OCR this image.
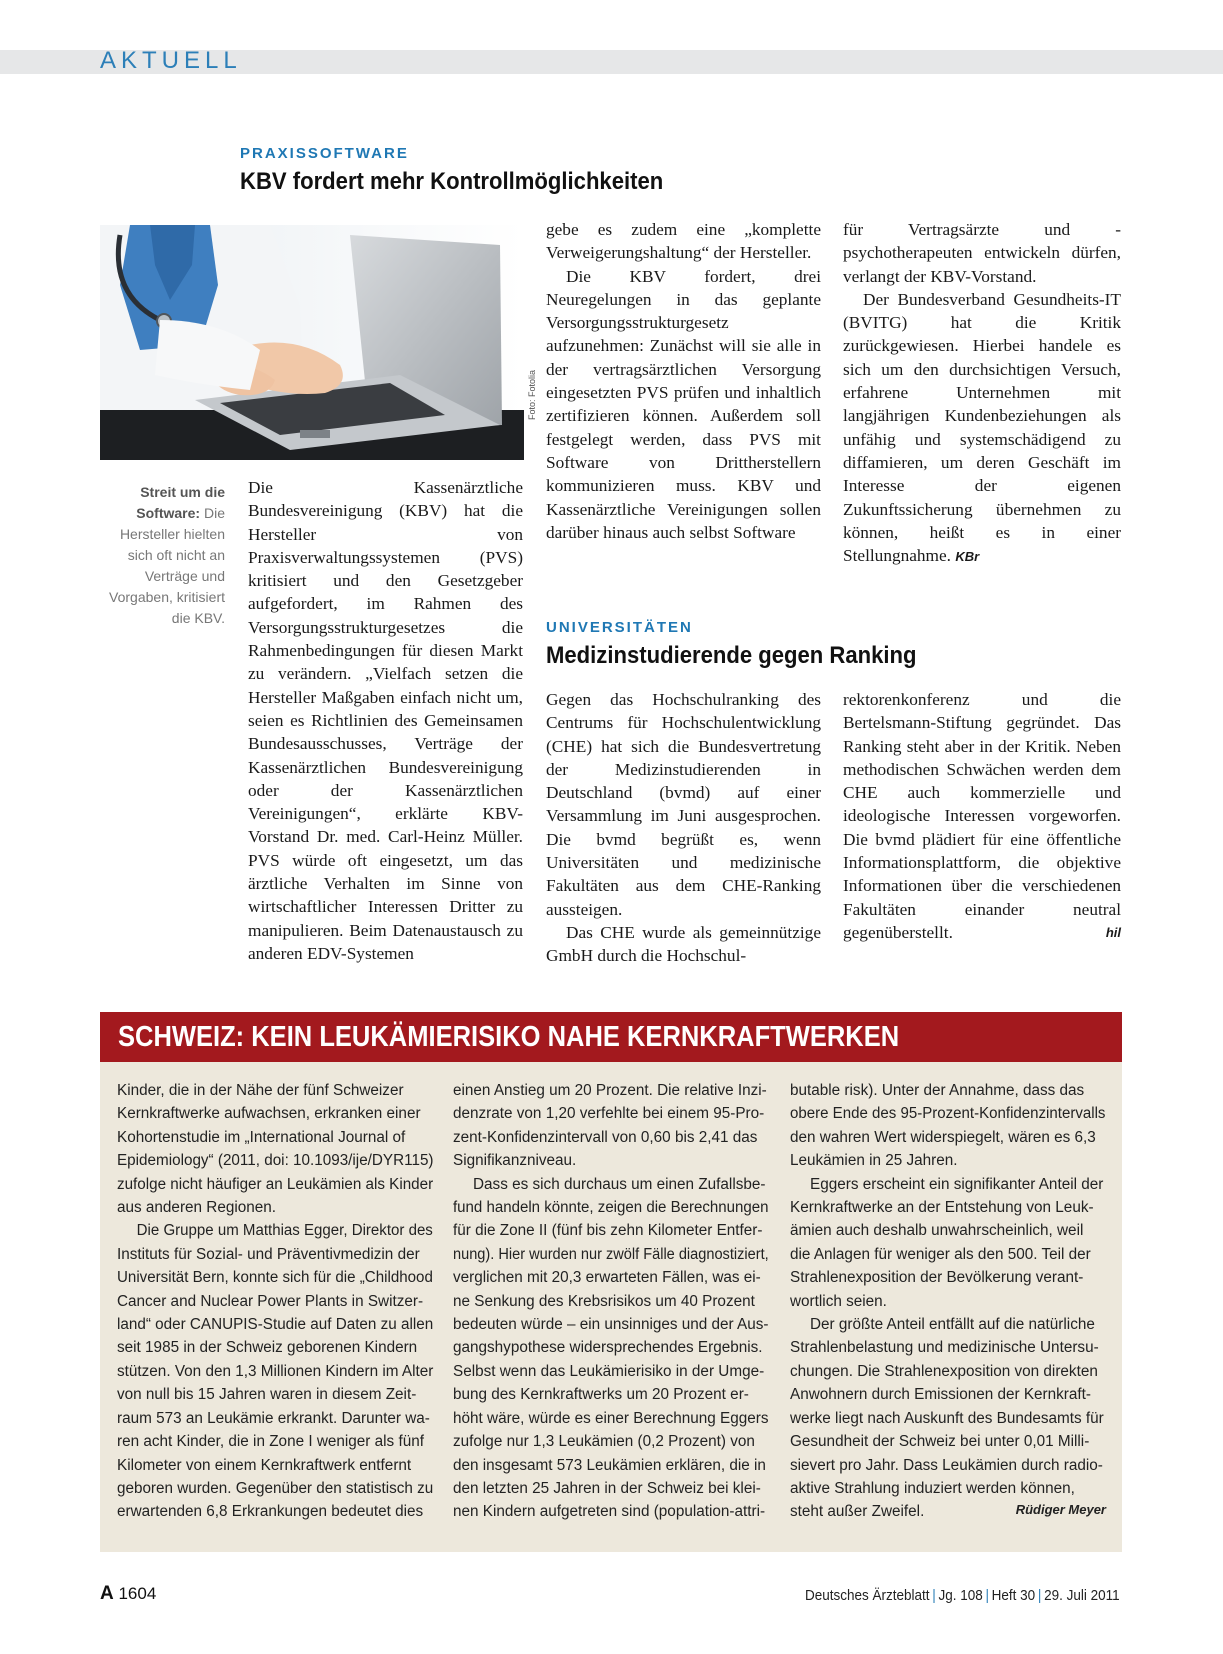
AKTUELL
PRAXISSOFTWARE
KBV fordert mehr Kontrollmöglichkeiten
Foto: Fotolia
Streit um die Software: Die Hersteller hielten sich oft nicht an Verträge und Vorgaben, kritisiert die KBV.

Die Kassenärztliche Bundesvereinigung (KBV) hat die Hersteller von Praxisverwaltungssystemen (PVS) kritisiert und den Gesetzgeber aufgefordert, im Rahmen des Versorgungsstrukturgesetzes die Rahmenbedingungen für diesen Markt zu verändern. „Vielfach setzen die Hersteller Maßgaben einfach nicht um, seien es Richtlinien des Gemeinsamen Bundesausschusses, Verträge der Kassenärztlichen Bundesvereinigung oder der Kassenärztlichen Vereinigungen“, erklärte KBV-Vorstand Dr. med. Carl-Heinz Müller. PVS würde oft eingesetzt, um das ärztliche Verhalten im Sinne von wirtschaftlicher Interessen Dritter zu manipulieren. Beim Datenaustausch zu anderen EDV-Systemen

gebe es zudem eine „komplette Verweigerungshaltung“ der Hersteller.

Die KBV fordert, drei Neuregelungen in das geplante Versorgungsstrukturgesetz aufzunehmen: Zunächst will sie alle in der vertragsärztlichen Versorgung eingesetzten PVS prüfen und inhaltlich zertifizieren können. Außerdem soll festgelegt werden, dass PVS mit Software von Drittherstellern kommunizieren muss. KBV und Kassenärztliche Vereinigungen sollen darüber hinaus auch selbst Software

für Vertragsärzte und -psychotherapeuten entwickeln dürfen, verlangt der KBV-Vorstand.

Der Bundesverband Gesundheits-IT (BVITG) hat die Kritik zurückgewiesen. Hierbei handele es sich um den durchsichtigen Versuch, erfahrene Unternehmen mit langjährigen Kundenbeziehungen als unfähig und systemschädigend zu diffamieren, um deren Geschäft im Interesse der eigenen Zukunftssicherung übernehmen zu können, heißt es in einer Stellungnahme. KBr

UNIVERSITÄTEN
Medizinstudierende gegen Ranking

Gegen das Hochschulranking des Centrums für Hochschulentwicklung (CHE) hat sich die Bundesvertretung der Medizinstudierenden in Deutschland (bvmd) auf einer Versammlung im Juni ausgesprochen. Die bvmd begrüßt es, wenn Universitäten und medizinische Fakultäten aus dem CHE-Ranking aussteigen.

Das CHE wurde als gemeinnützige GmbH durch die Hochschul-

rektorenkonferenz und die Bertelsmann-Stiftung gegründet. Das Ranking steht aber in der Kritik. Neben methodischen Schwächen werden dem CHE auch kommerzielle und ideologische Interessen vorgeworfen. Die bvmd plädiert für eine öffentliche Informationsplattform, die objektive Informationen über die verschiedenen Fakultäten einander neutral gegenüberstellt.	hil

SCHWEIZ: KEIN LEUKÄMIERISIKO NAHE KERNKRAFTWERKEN
Kinder, die in der Nähe der fünf Schweizer
Kernkraftwerke aufwachsen, erkranken einer
Kohortenstudie im „International Journal of
Epidemiology“ (2011, doi: 10.1093/ije/DYR115)
zufolge nicht häufiger an Leukämien als Kinder
aus anderen Regionen.
Die Gruppe um Matthias Egger, Direktor des
Instituts für Sozial- und Präventivmedizin der
Universität Bern, konnte sich für die „Childhood
Cancer and Nuclear Power Plants in Switzer-
land“ oder CANUPIS-Studie auf Daten zu allen
seit 1985 in der Schweiz geborenen Kindern
stützen. Von den 1,3 Millionen Kindern im Alter
von null bis 15 Jahren waren in diesem Zeit-
raum 573 an Leukämie erkrankt. Darunter wa-
ren acht Kinder, die in Zone I weniger als fünf
Kilometer von einem Kernkraftwerk entfernt
geboren wurden. Gegenüber den statistisch zu
erwartenden 6,8 Erkrankungen bedeutet dies
einen Anstieg um 20 Prozent. Die relative Inzi-
denzrate von 1,20 verfehlte bei einem 95-Pro-
zent-Konfidenzintervall von 0,60 bis 2,41 das
Signifikanzniveau.
Dass es sich durchaus um einen Zufallsbe-
fund handeln könnte, zeigen die Berechnungen
für die Zone II (fünf bis zehn Kilometer Entfer-
nung). Hier wurden nur zwölf Fälle diagnostiziert,
verglichen mit 20,3 erwarteten Fällen, was ei-
ne Senkung des Krebsrisikos um 40 Prozent
bedeuten würde – ein unsinniges und der Aus-
gangshypothese widersprechendes Ergebnis.
Selbst wenn das Leukämierisiko in der Umge-
bung des Kernkraftwerks um 20 Prozent er-
höht wäre, würde es einer Berechnung Eggers
zufolge nur 1,3 Leukämien (0,2 Prozent) von
den insgesamt 573 Leukämien erklären, die in
den letzten 25 Jahren in der Schweiz bei klei-
nen Kindern aufgetreten sind (population-attri-
butable risk). Unter der Annahme, dass das
obere Ende des 95-Prozent-Konfidenzintervalls
den wahren Wert widerspiegelt, wären es 6,3
Leukämien in 25 Jahren.
Eggers erscheint ein signifikanter Anteil der
Kernkraftwerke an der Entstehung von Leuk-
ämien auch deshalb unwahrscheinlich, weil
die Anlagen für weniger als den 500. Teil der
Strahlenexposition der Bevölkerung verant-
wortlich seien.
Der größte Anteil entfällt auf die natürliche
Strahlenbelastung und medizinische Untersu-
chungen. Die Strahlenexposition von direkten
Anwohnern durch Emissionen der Kernkraft-
werke liegt nach Auskunft des Bundesamts für
Gesundheit der Schweiz bei unter 0,01 Milli-
sievert pro Jahr. Dass Leukämien durch radio-
aktive Strahlung induziert werden können,
steht außer Zweifel.	Rüdiger Meyer
A 1604	Deutsches Ärzteblatt | Jg. 108 | Heft 30 | 29. Juli 2011
